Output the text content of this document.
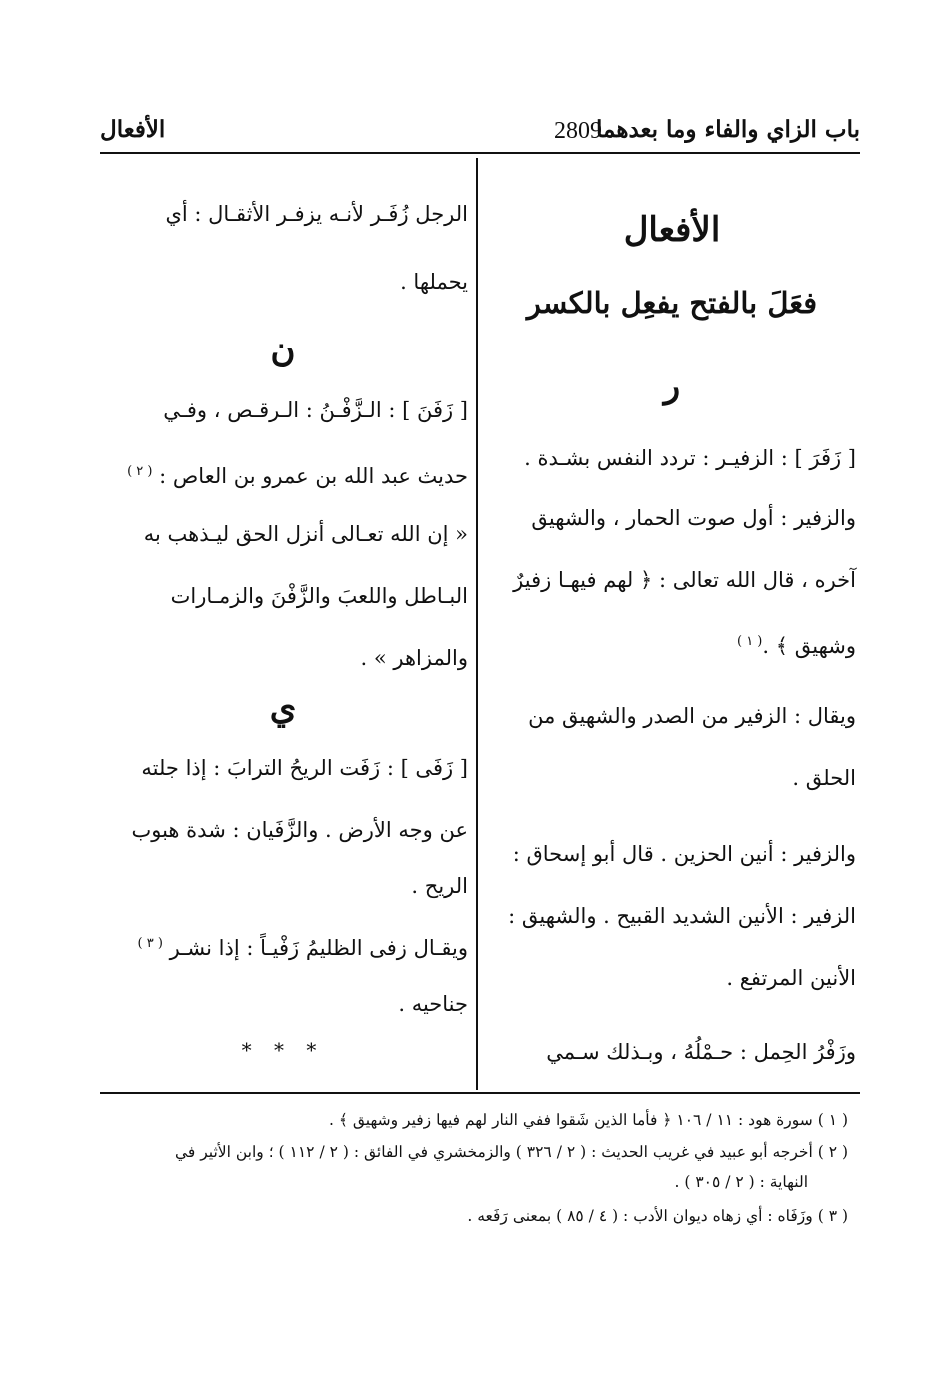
باب الزاي والفاء وما بعدهما
2809
الأفعال
الأفعال
فعَلَ بالفتح يفعِل بالكسر
ر
[ زَفَرَ ] : الزفيـر : تردد النفس بشـدة .
والزفير : أول صوت الحمار ، والشهيق
آخره ، قال الله تعالى : ﴿ لهم فيهـا زفيرٌ
وشهيق ﴾ .$^{( ١ )}$
ويقال : الزفير من الصدر والشهيق من
الحلق .
والزفير : أنين الحزين . قال أبو إسحاق :
الزفير : الأنين الشديد القبيح . والشهيق :
الأنين المرتفع .
وزَفْرُ الحِمل : حـمْلُهُ ، وبـذلك سـمي
الرجل زُفَـر لأنـه يزفـر الأثقـال : أي
يحملها .
ن
[ زَفَنَ ] : الـزَّفْـنُ : الـرقـص ، وفـي
حديث عبد الله بن عمرو بن العاص : $^{( ٢ )}$
« إن الله تعـالى أنزل الحق ليـذهب به
البـاطل واللعبَ والزَّفْنَ والزمـارات
والمزاهر » .
ي
[ زَفَى ] : زَفَت الريحُ الترابَ : إذا جلته
عن وجه الأرض . والزَّفَيان : شدة هبوب
الريح .
ويقـال زفى الظليمُ زَفْيـاً : إذا نشـر $^{( ٣ )}$
جناحيه .
* * *
( ١ ) سورة هود : ١١ / ١٠٦ ﴿ فأما الذين شَقوا ففي النار لهم فيها زفير وشهيق ﴾ .
( ٢ ) أخرجه أبو عبيد في غريب الحديث : ( ٢ / ٣٢٦ ) والزمخشري في الفائق : ( ٢ / ١١٢ ) ؛ وابن الأثير في
النهاية : ( ٢ / ٣٠٥ ) .
( ٣ ) وزَفَاه : أي زهاه ديوان الأدب : ( ٤ / ٨٥ ) بمعنى رَفَعه .
